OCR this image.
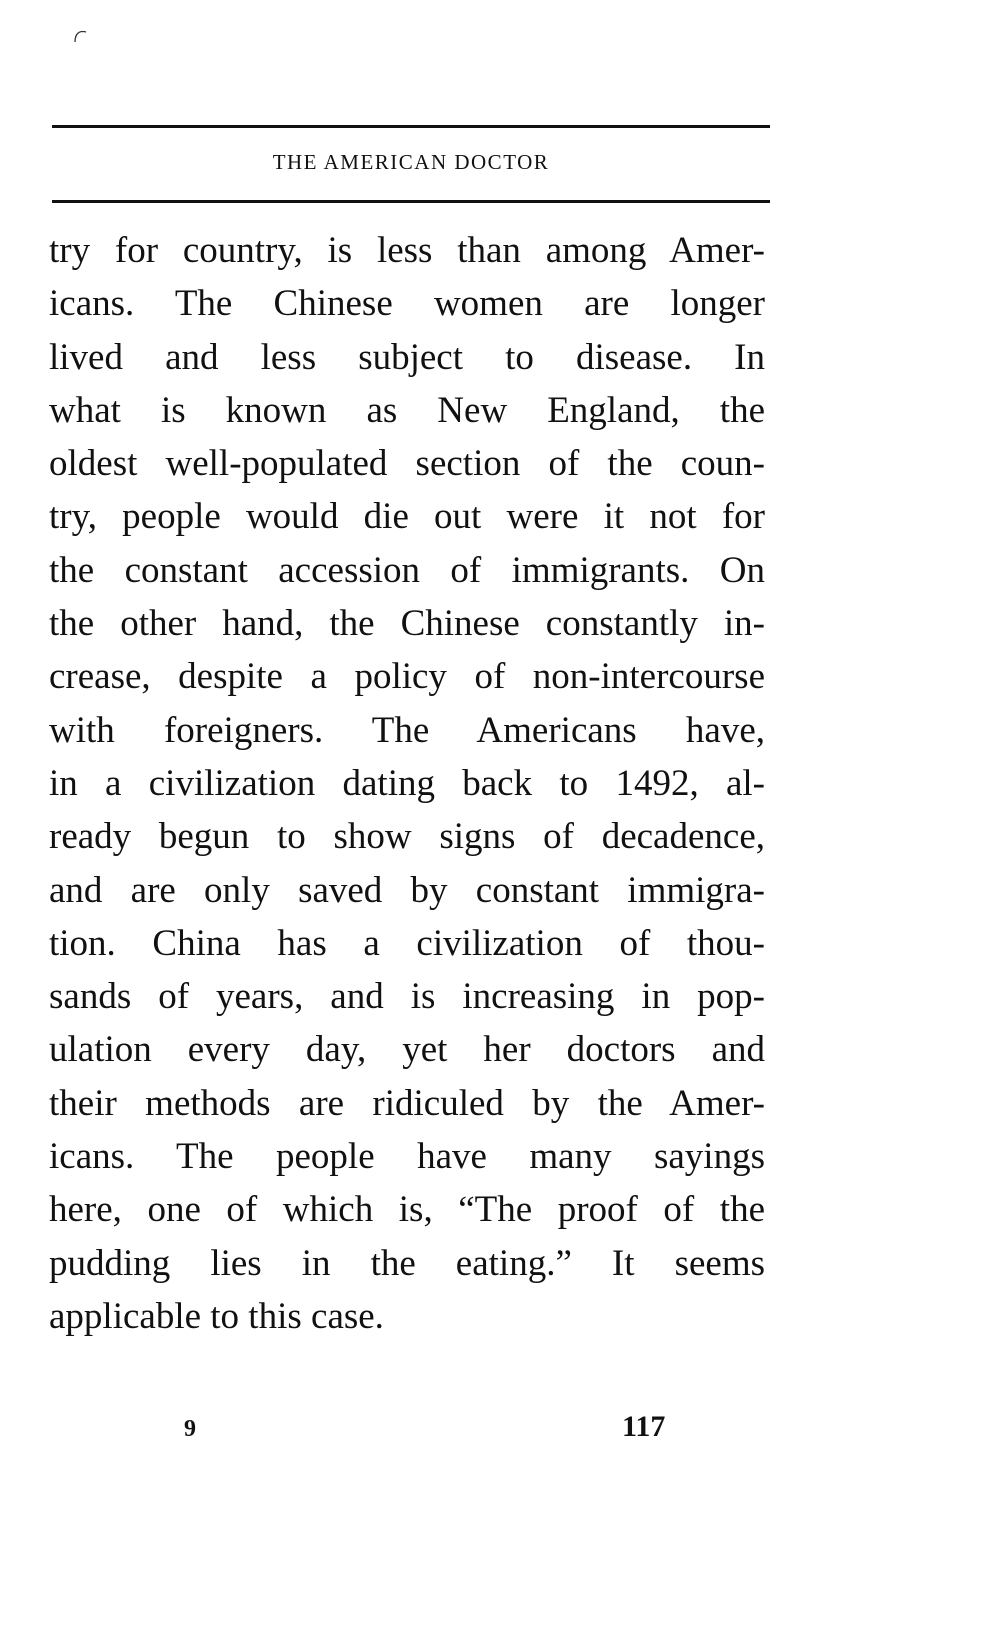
THE AMERICAN DOCTOR
try for country, is less than among Amer-
icans. The Chinese women are longer
lived and less subject to disease. In
what is known as New England, the
oldest well-populated section of the coun-
try, people would die out were it not for
the constant accession of immigrants. On
the other hand, the Chinese constantly in-
crease, despite a policy of non-intercourse
with foreigners. The Americans have,
in a civilization dating back to 1492, al-
ready begun to show signs of decadence,
and are only saved by constant immigra-
tion. China has a civilization of thou-
sands of years, and is increasing in pop-
ulation every day, yet her doctors and
their methods are ridiculed by the Amer-
icans. The people have many sayings
here, one of which is, “The proof of the
pudding lies in the eating.” It seems
applicable to this case.
9	117
